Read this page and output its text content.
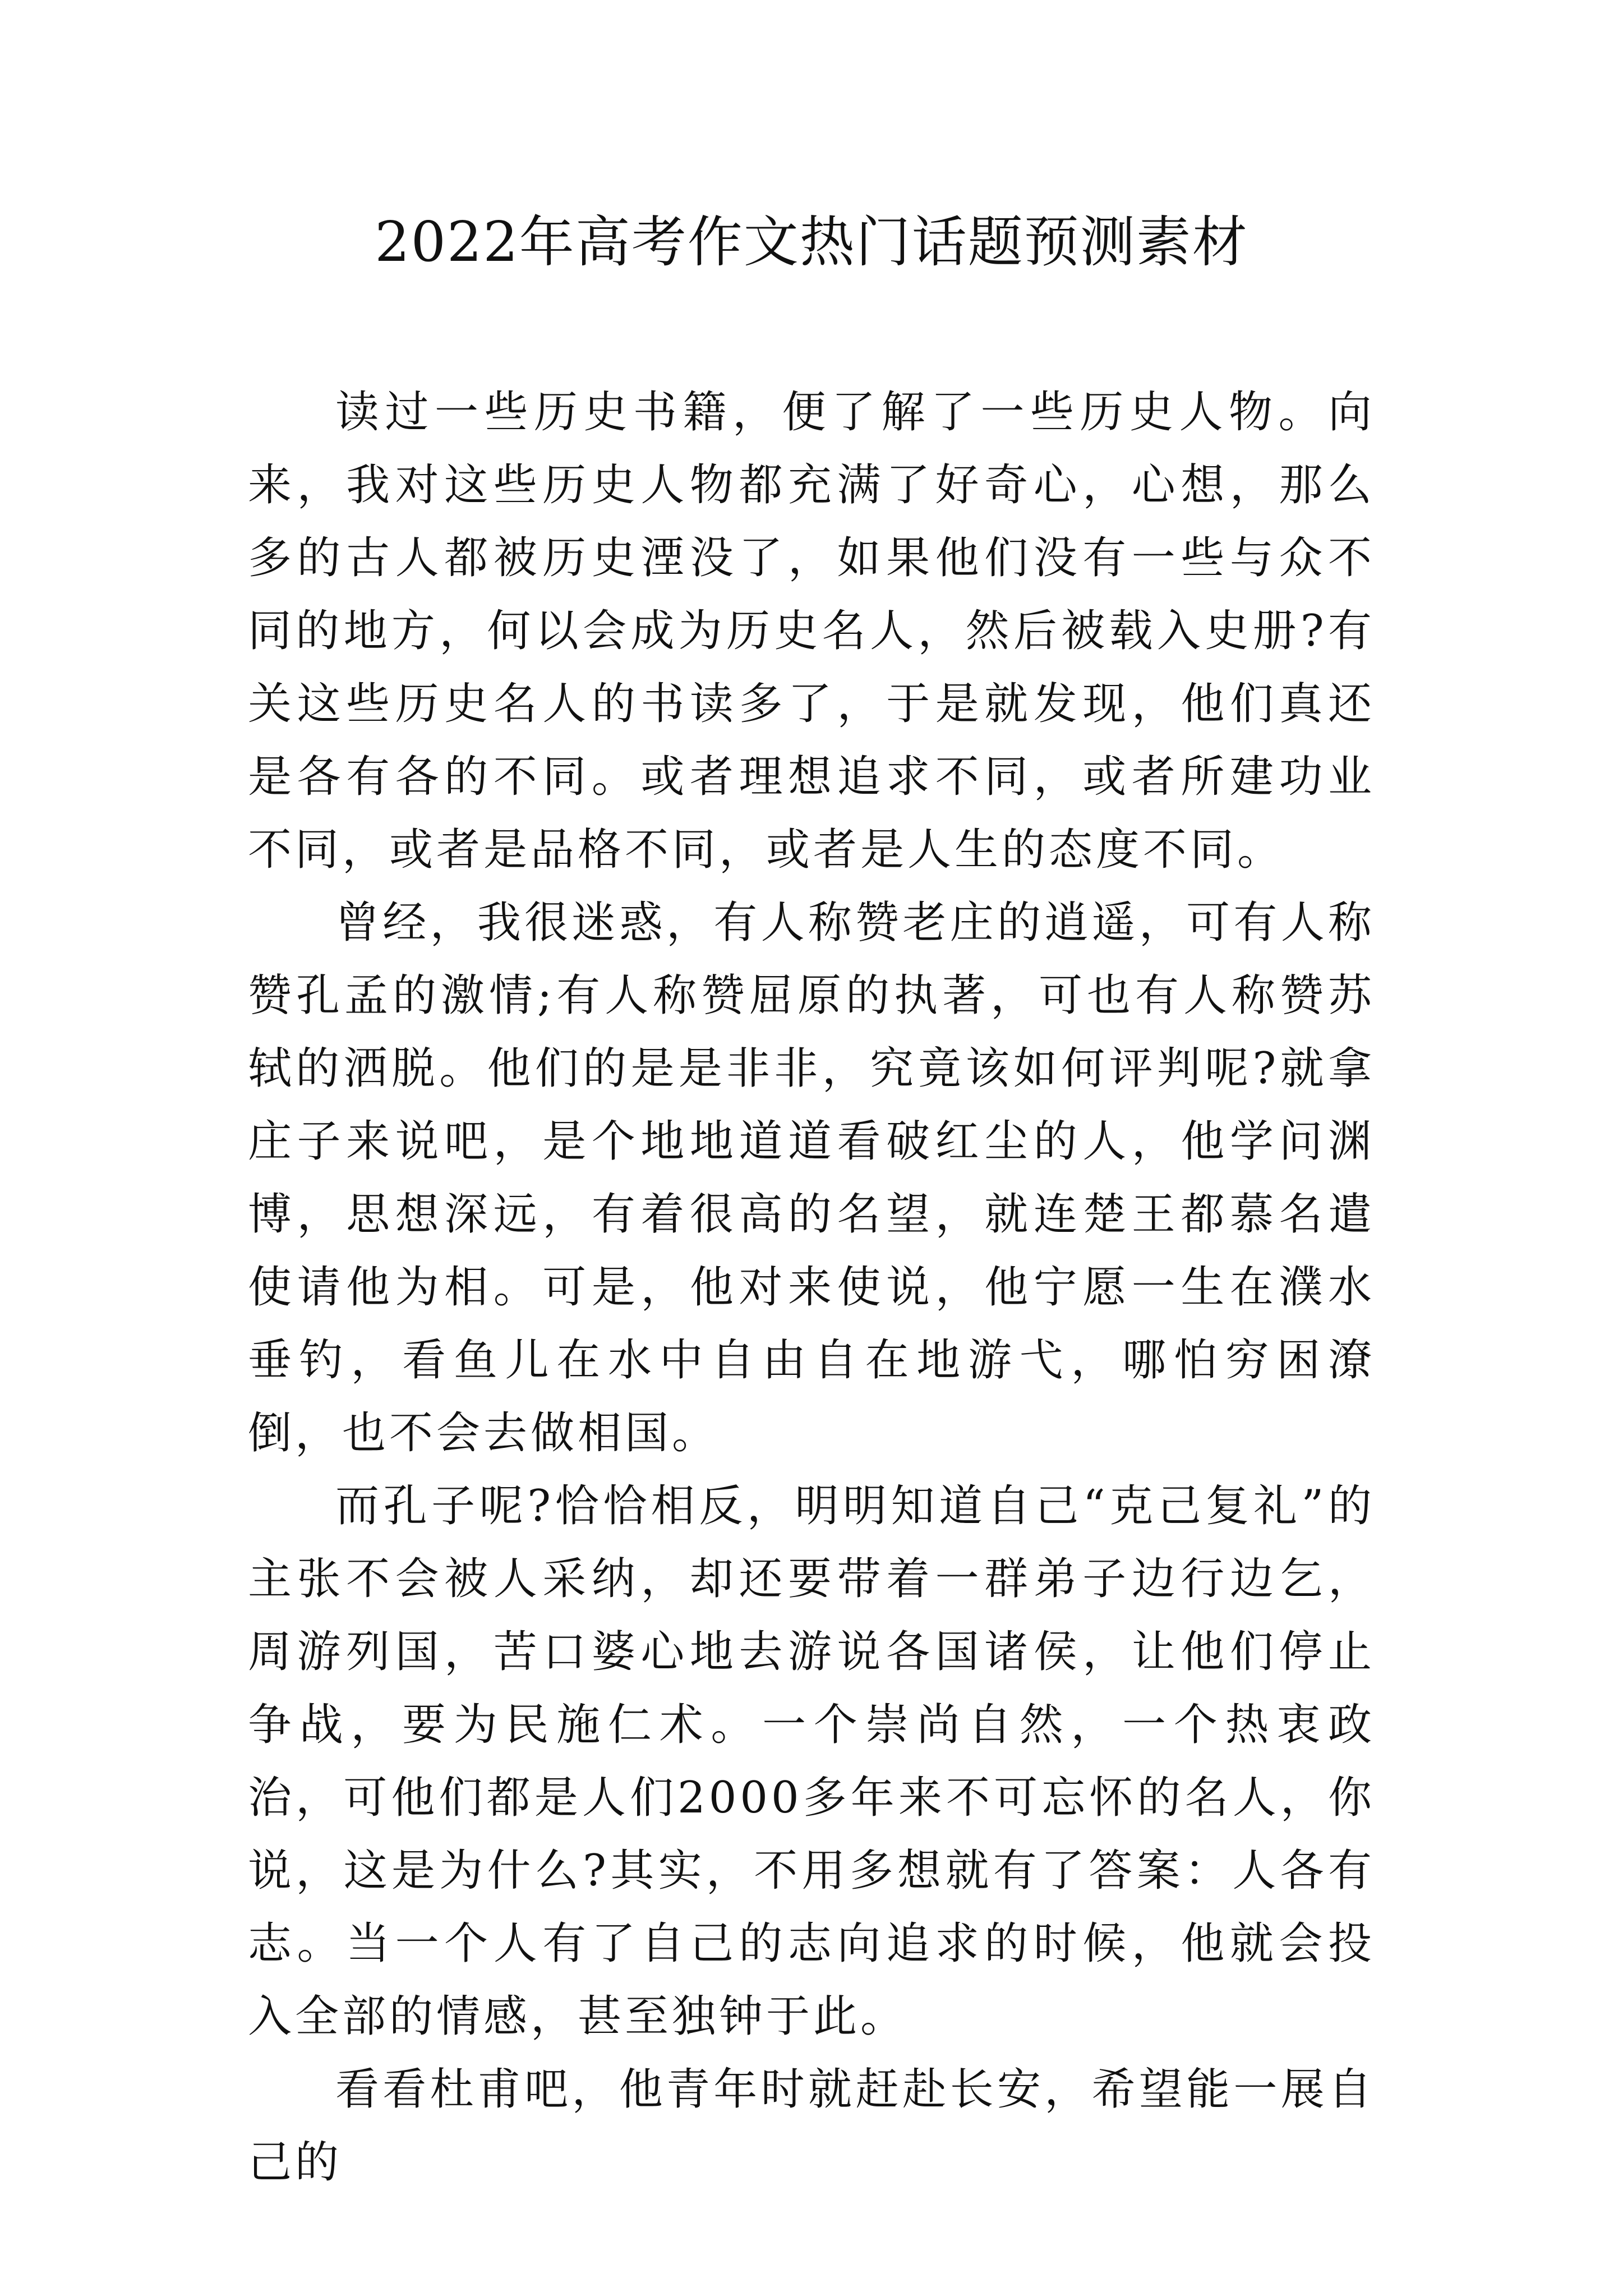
2022年高考作文热门话题预测素材

读过一些历史书籍，便了解了一些历史人物。向来，我对这些历史人物都充满了好奇心，心想，那么多的古人都被历史湮没了，如果他们没有一些与众不同的地方，何以会成为历史名人，然后被载入史册?有关这些历史名人的书读多了，于是就发现，他们真还是各有各的不同。或者理想追求不同，或者所建功业不同，或者是品格不同，或者是人生的态度不同。

曾经，我很迷惑，有人称赞老庄的逍遥，可有人称赞孔孟的激情;有人称赞屈原的执著，可也有人称赞苏轼的洒脱。他们的是是非非，究竟该如何评判呢?就拿庄子来说吧，是个地地道道看破红尘的人，他学问渊博，思想深远，有着很高的名望，就连楚王都慕名遣使请他为相。可是，他对来使说，他宁愿一生在濮水垂钓，看鱼儿在水中自由自在地游弋，哪怕穷困潦倒，也不会去做相国。

而孔子呢?恰恰相反，明明知道自己“克己复礼”的主张不会被人采纳，却还要带着一群弟子边行边乞，周游列国，苦口婆心地去游说各国诸侯，让他们停止争战，要为民施仁术。一个崇尚自然，一个热衷政治，可他们都是人们2000多年来不可忘怀的名人，你说，这是为什么?其实，不用多想就有了答案：人各有志。当一个人有了自己的志向追求的时候，他就会投入全部的情感，甚至独钟于此。

看看杜甫吧，他青年时就赶赴长安，希望能一展自己的
